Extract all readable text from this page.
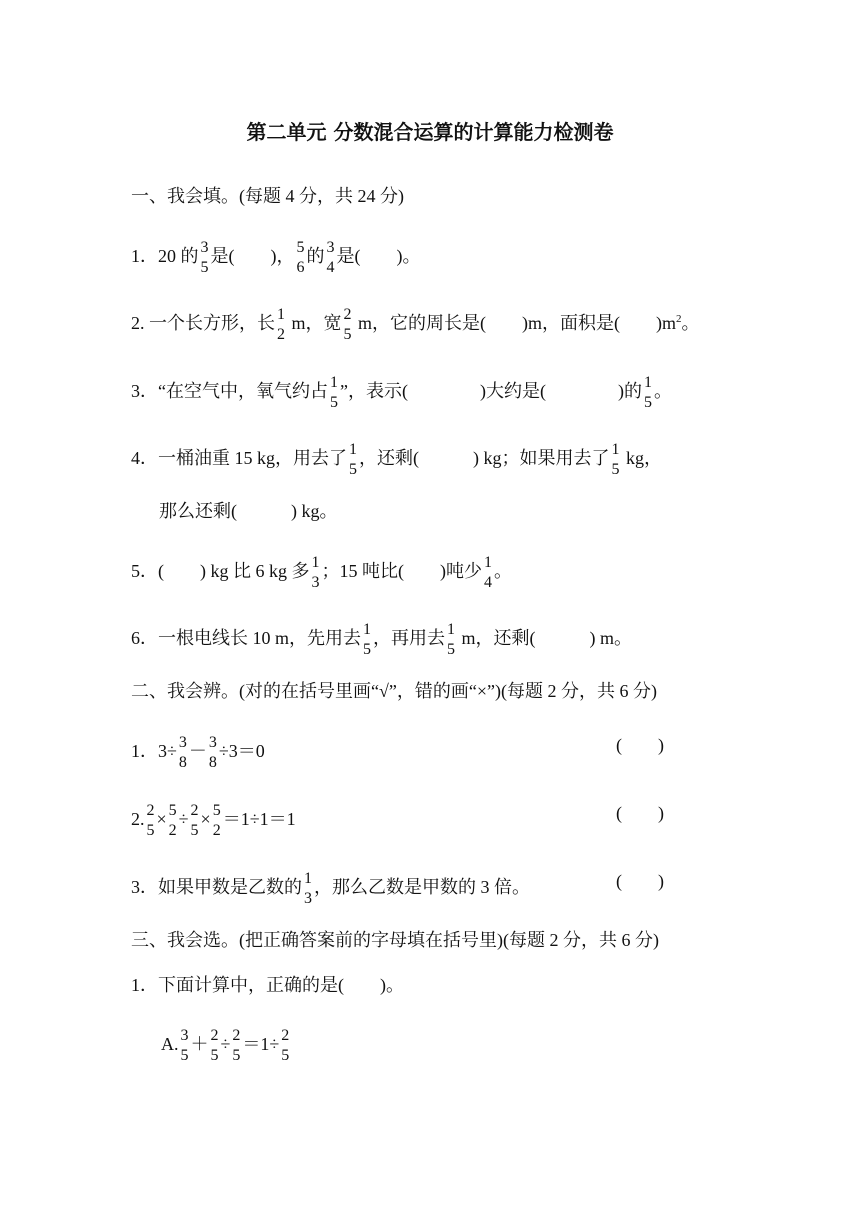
第二单元 分数混合运算的计算能力检测卷
一、我会填。(每题 4 分，共 24 分)
1．20 的 3
5
是(　　)， 5
6
的 3
4
是(　　)。
2. 一个长方形，长 1
2
m，宽 2
5
m，它的周长是(　　)m，面积是(　　)$m^2$。
3．“在空气中，氧气约占 1
5
”，表示(　　　　)大约是(　　　　)的 1
5
。
4．一桶油重 15 kg，用去了 1
5
，还剩(　　　) kg；如果用去了 1
5
kg，
那么还剩(　　　) kg。
5．(　　) kg 比 6 kg 多 1
3
；15 吨比(　　)吨少 1
4
。
6．一根电线长 10 m，先用去 1
5
，再用去 1
5
m，还剩(　　　) m。
二、我会辨。(对的在括号里画“√”，错的画“×”)(每题 2 分，共 6 分)
1．3÷ 3
8
－ 3
8
÷3＝0	(　　)
2. 2
5
× 5
2
÷ 2
5
× 5
2
＝1÷1＝1	(　　)
3．如果甲数是乙数的 1
3
，那么乙数是甲数的 3 倍。	(　　)
三、我会选。(把正确答案前的字母填在括号里)(每题 2 分，共 6 分)
1．下面计算中，正确的是(　　)。
A. 3
5
＋ 2
5
÷ 2
5
＝1÷ 2
5
